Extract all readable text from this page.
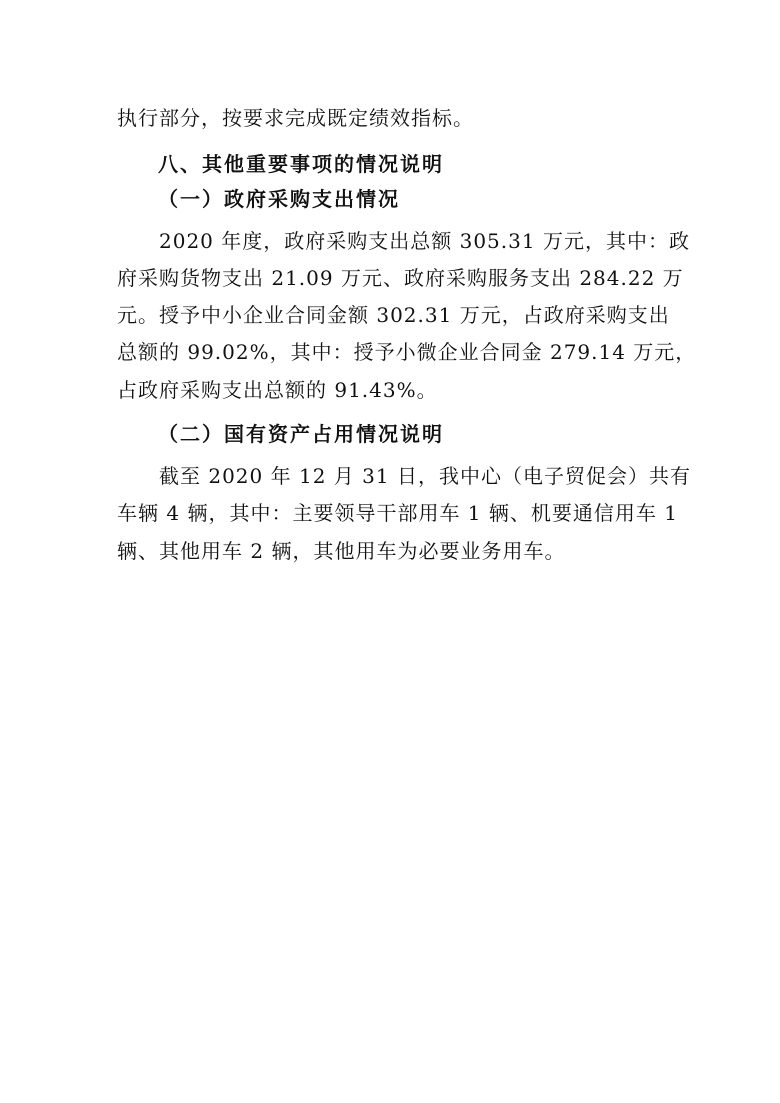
执行部分，按要求完成既定绩效指标。
八、其他重要事项的情况说明
（一）政府采购支出情况
2020 年度，政府采购支出总额 305.31 万元，其中：政
府采购货物支出 21.09 万元、政府采购服务支出 284.22 万
元。授予中小企业合同金额 302.31 万元，占政府采购支出
总额的 99.02%，其中：授予小微企业合同金 279.14 万元，
占政府采购支出总额的 91.43%。
（二）国有资产占用情况说明
截至 2020 年 12 月 31 日，我中心（电子贸促会）共有
车辆 4 辆，其中：主要领导干部用车 1 辆、机要通信用车 1
辆、其他用车 2 辆，其他用车为必要业务用车。
